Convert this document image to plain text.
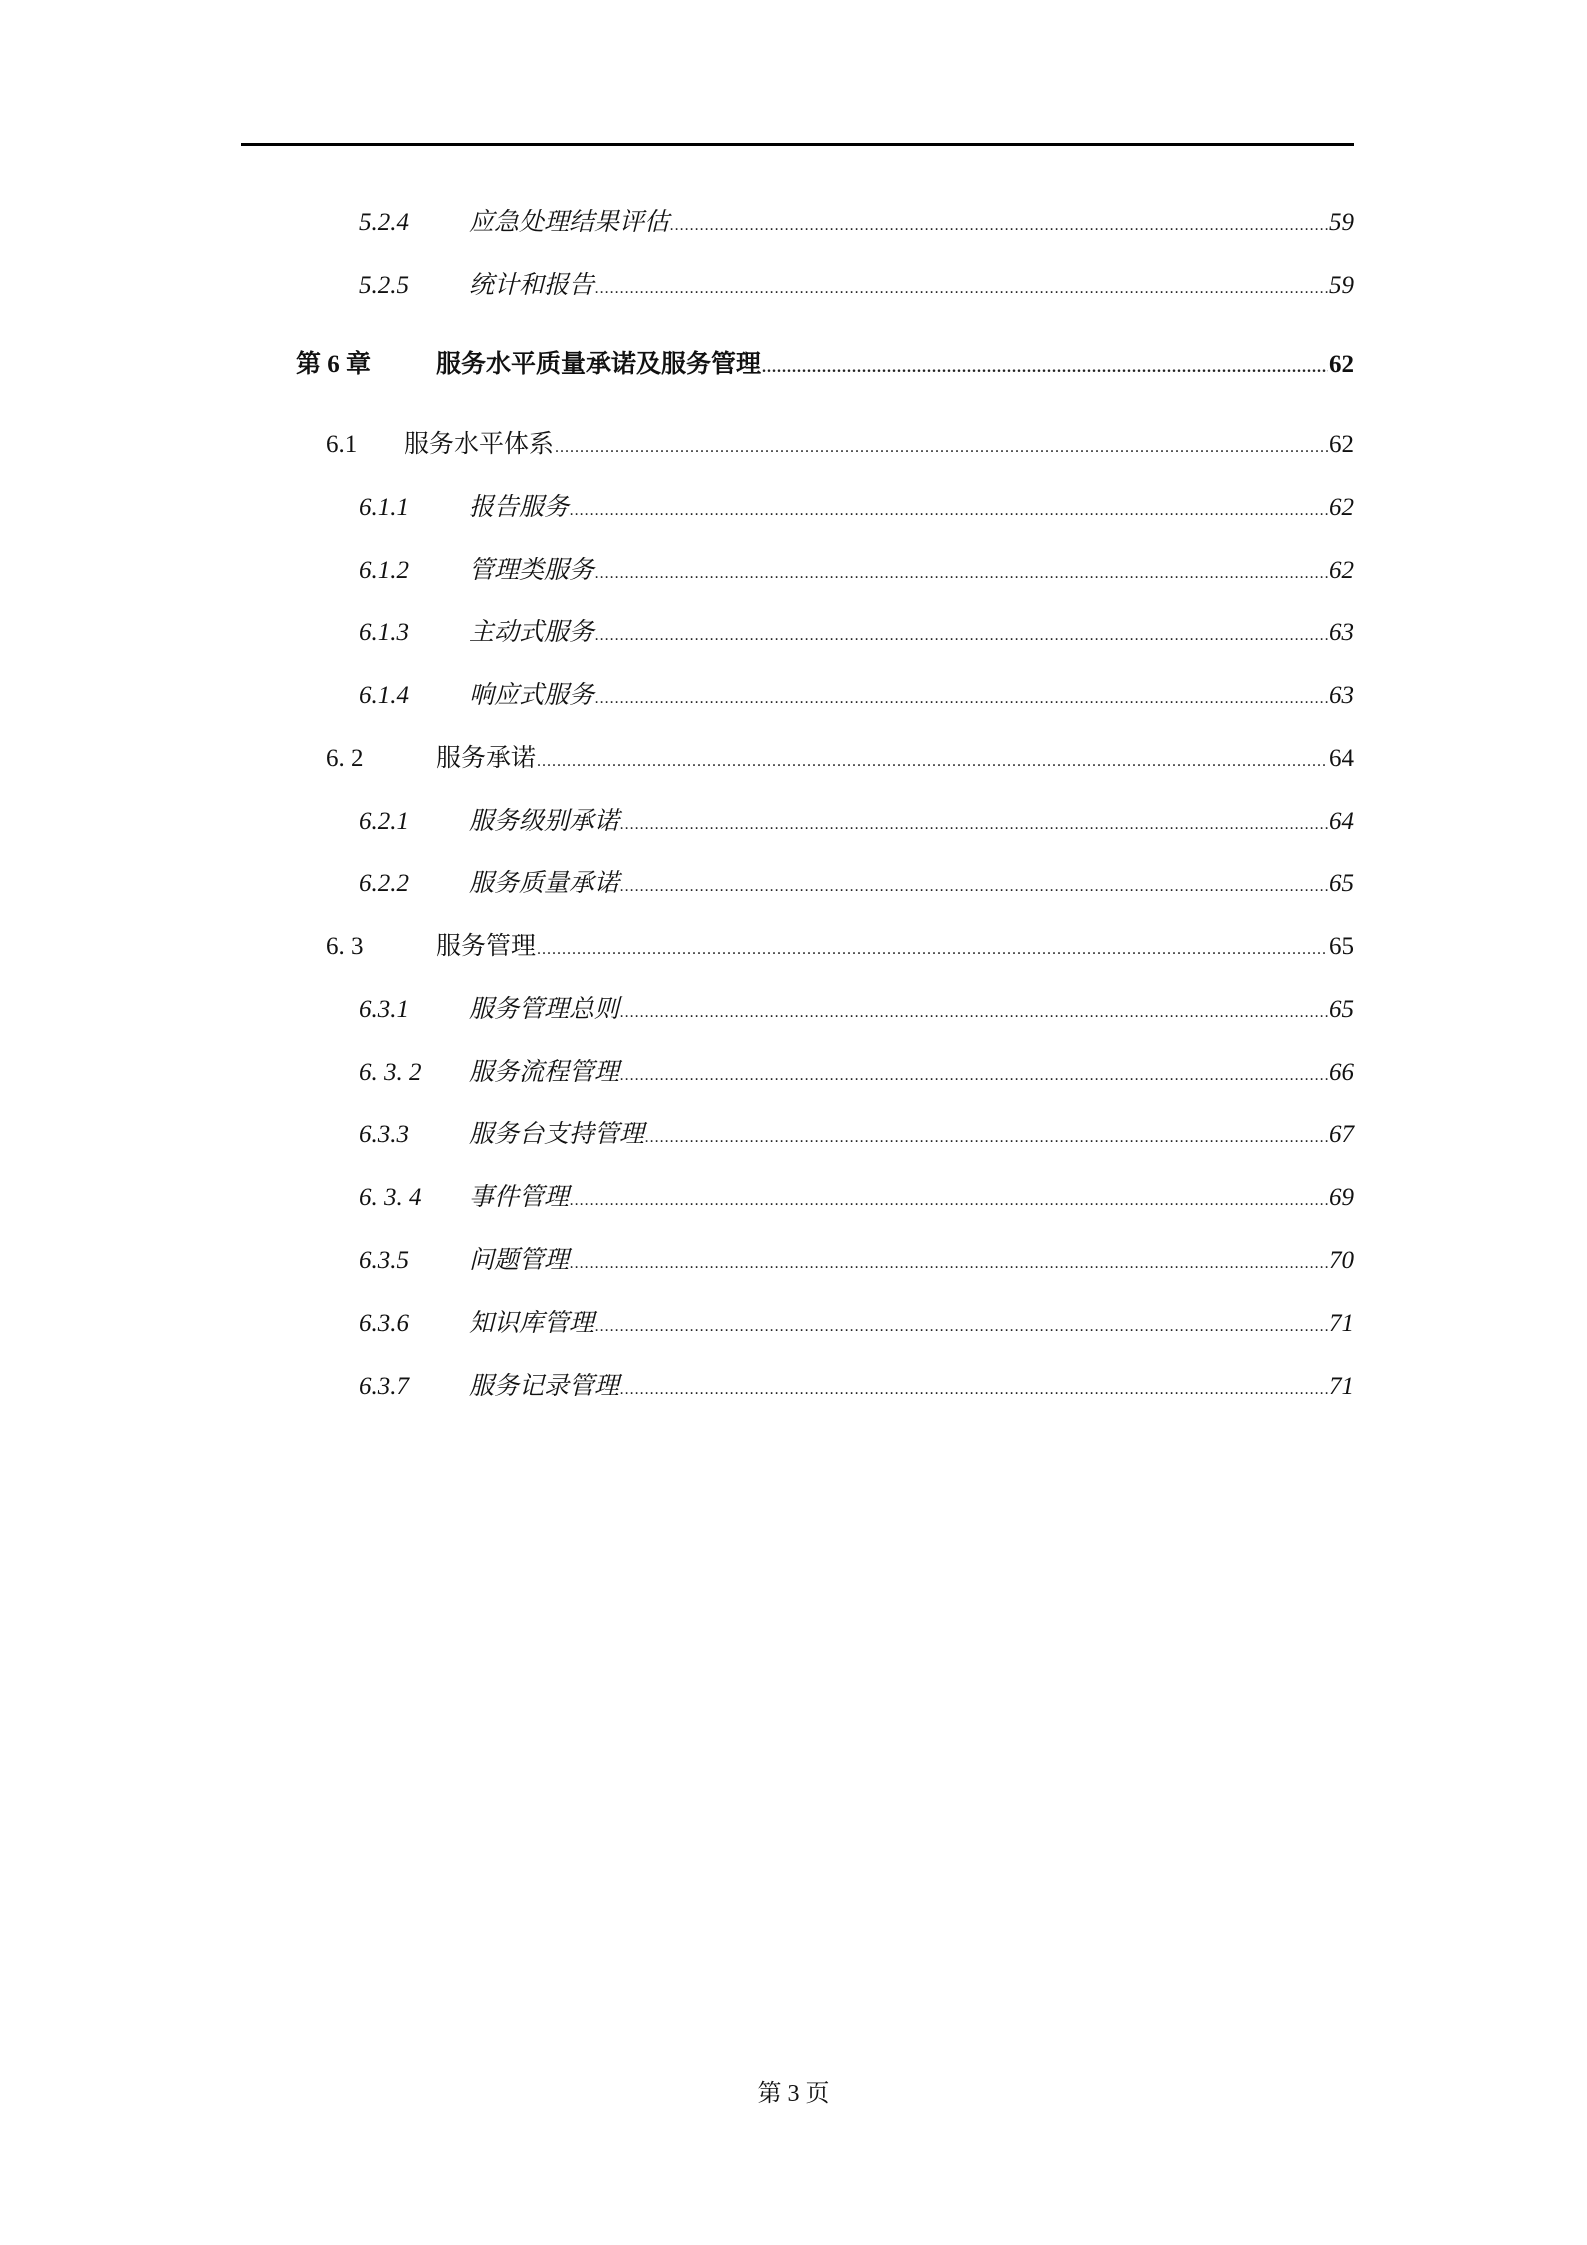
5.2.4	应急处理结果评估 .....	59
5.2.5	统计和报告 .....	59
第 6 章	服务水平质量承诺及服务管理 .....	62
6.1	服务水平体系 .....	62
6.1.1	报告服务 .....	62
6.1.2	管理类服务 .....	62
6.1.3	主动式服务 .....	63
6.1.4	响应式服务 .....	63
6. 2	服务承诺 .....	64
6.2.1	服务级别承诺 .....	64
6.2.2	服务质量承诺 .....	65
6. 3	服务管理 .....	65
6.3.1	服务管理总则 .....	65
6. 3. 2	服务流程管理 .....	66
6.3.3	服务台支持管理 .....	67
6. 3. 4	事件管理 .....	69
6.3.5	问题管理 .....	70
6.3.6	知识库管理 .....	71
6.3.7	服务记录管理 .....	71
第 3 页
